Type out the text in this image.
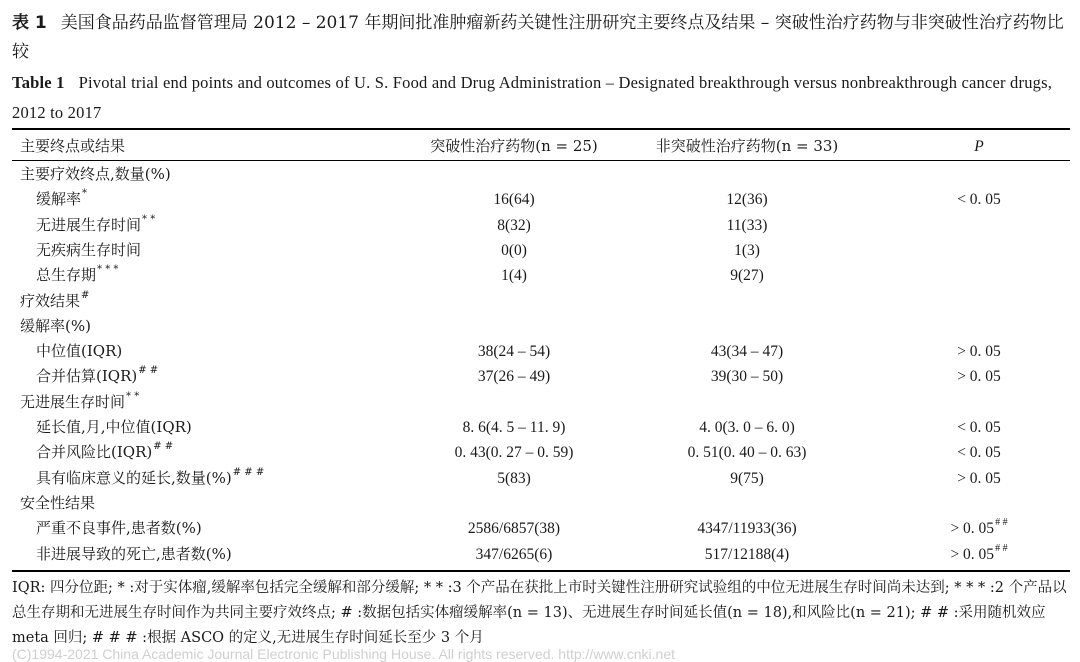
表 1 美国食品药品监督管理局 2012 – 2017 年期间批准肿瘤新药关键性注册研究主要终点及结果 – 突破性治疗药物与非突破性治疗药物比较
Table 1 Pivotal trial end points and outcomes of U. S. Food and Drug Administration – Designated breakthrough versus nonbreakthrough cancer drugs, 2012 to 2017
主要终点或结果	突破性治疗药物(n = 25)	非突破性治疗药物(n = 33)	P
主要疗效终点,数量(%)
缓解率*	16(64)	12(36)	< 0. 05
无进展生存时间* *	8(32)	11(33)
无疾病生存时间	0(0)	1(3)
总生存期* * *	1(4)	9(27)
疗效结果#
缓解率(%)
中位值(IQR)	38(24 – 54)	43(34 – 47)	> 0. 05
合并估算(IQR)# #	37(26 – 49)	39(30 – 50)	> 0. 05
无进展生存时间* *
延长值,月,中位值(IQR)	8. 6(4. 5 – 11. 9)	4. 0(3. 0 – 6. 0)	< 0. 05
合并风险比(IQR)# #	0. 43(0. 27 – 0. 59)	0. 51(0. 40 – 0. 63)	< 0. 05
具有临床意义的延长,数量(%)# # #	5(83)	9(75)	> 0. 05
安全性结果
严重不良事件,患者数(%)	2586/6857(38)	4347/11933(36)	> 0. 05# #
非进展导致的死亡,患者数(%)	347/6265(6)	517/12188(4)	> 0. 05# #
IQR: 四分位距; * :对于实体瘤,缓解率包括完全缓解和部分缓解; * * :3 个产品在获批上市时关键性注册研究试验组的中位无进展生存时间尚未达到; * * * :2 个产品以总生存期和无进展生存时间作为共同主要疗效终点; # :数据包括实体瘤缓解率(n = 13)、无进展生存时间延长值(n = 18),和风险比(n = 21); # # :采用随机效应 meta 回归; # # # :根据 ASCO 的定义,无进展生存时间延长至少 3 个月
(C)1994-2021 China Academic Journal Electronic Publishing House. All rights reserved. http://www.cnki.net
